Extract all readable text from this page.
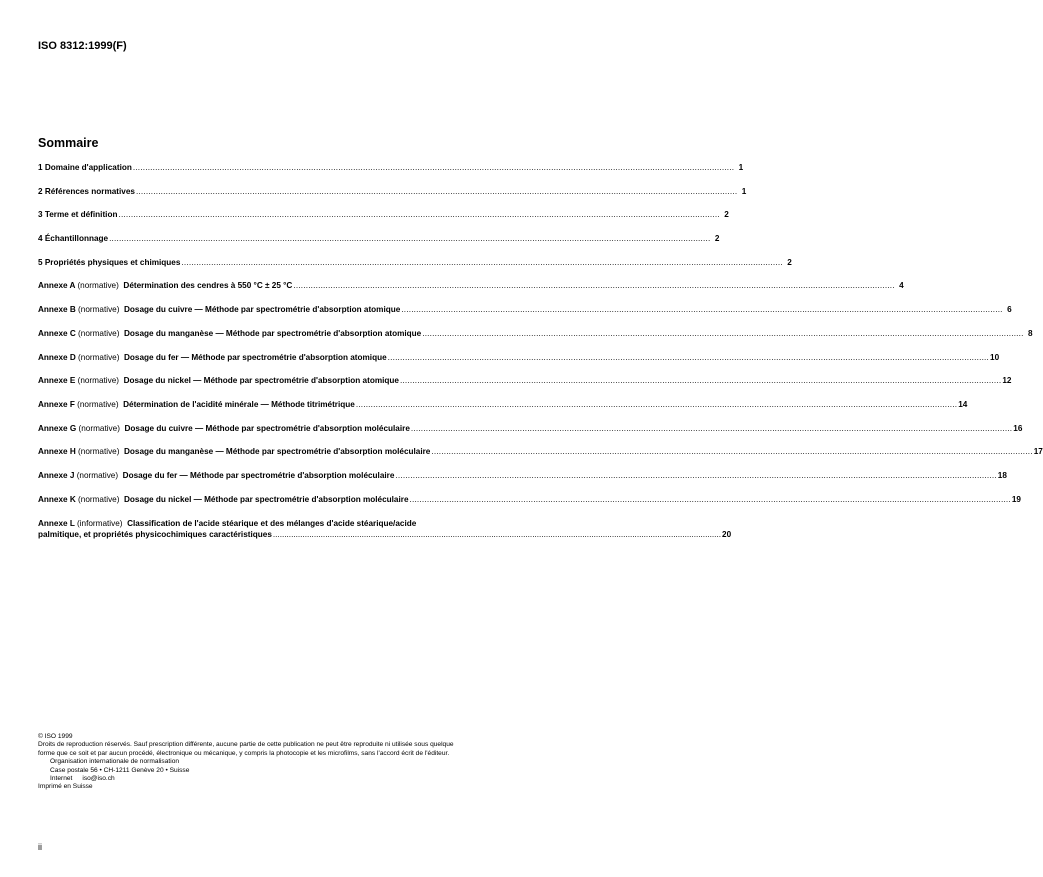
ISO 8312:1999(F)
Sommaire
1 Domaine d'application .....	1
2 Références normatives .....	1
3 Terme et définition .....	2
4 Échantillonnage .....	2
5 Propriétés physiques et chimiques .....	2
Annexe A (normative) Détermination des cendres à 550 °C ± 25 °C .....	4
Annexe B (normative) Dosage du cuivre — Méthode par spectrométrie d'absorption atomique .....	6
Annexe C (normative) Dosage du manganèse — Méthode par spectrométrie d'absorption atomique .....	8
Annexe D (normative) Dosage du fer — Méthode par spectrométrie d'absorption atomique .....	10
Annexe E (normative) Dosage du nickel — Méthode par spectrométrie d'absorption atomique .....	12
Annexe F (normative) Détermination de l'acidité minérale — Méthode titrimétrique .....	14
Annexe G (normative) Dosage du cuivre — Méthode par spectrométrie d'absorption moléculaire .....	16
Annexe H (normative) Dosage du manganèse — Méthode par spectrométrie d'absorption moléculaire .....	17
Annexe J (normative) Dosage du fer — Méthode par spectrométrie d'absorption moléculaire .....	18
Annexe K (normative) Dosage du nickel — Méthode par spectrométrie d'absorption moléculaire .....	19
Annexe L (informative) Classification de l'acide stéarique et des mélanges d'acide stéarique/acide
palmitique, et propriétés physicochimiques caractéristiques ..................................................................................................................................................................................................... 20
© ISO 1999
Droits de reproduction réservés. Sauf prescription différente, aucune partie de cette publication ne peut être reproduite ni utilisée sous quelque
forme que ce soit et par aucun procédé, électronique ou mécanique, y compris la photocopie et les microfilms, sans l'accord écrit de l'éditeur.
Organisation internationale de normalisation
Case postale 56 • CH-1211 Genève 20 • Suisse
Internet iso@iso.ch
Imprimé en Suisse
ii
